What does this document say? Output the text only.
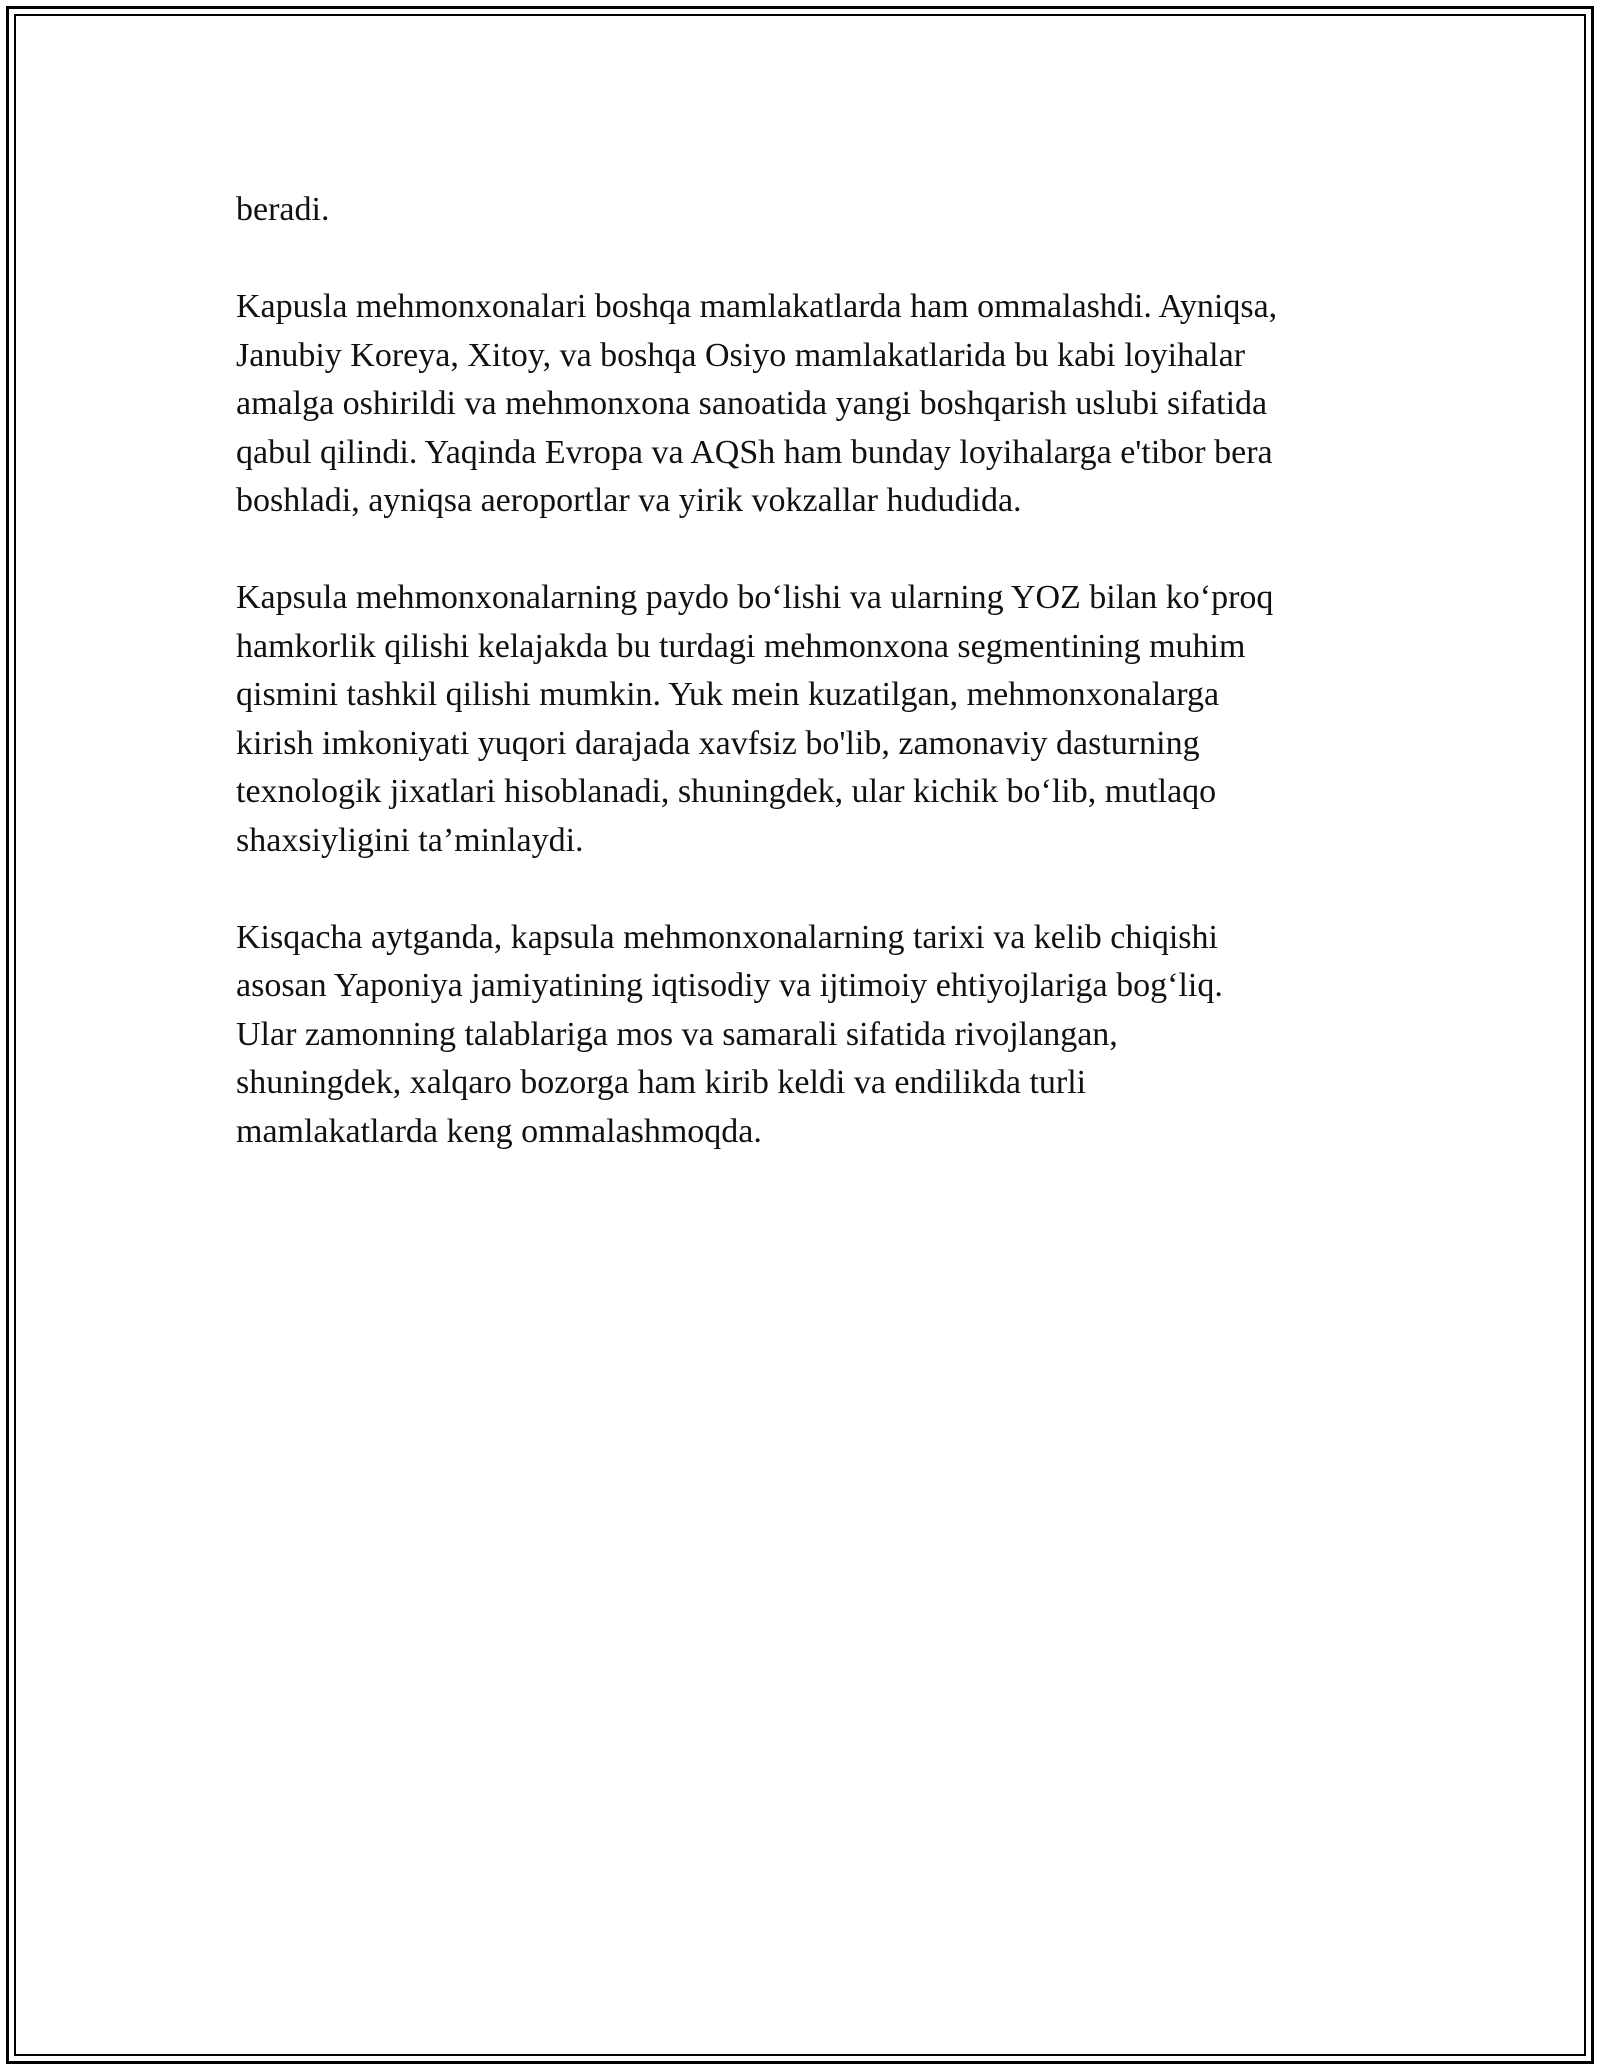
beradi.

Kapusla mehmonxonalari boshqa mamlakatlarda ham ommalashdi. Ayniqsa,
Janubiy Koreya, Xitoy, va boshqa Osiyo mamlakatlarida bu kabi loyihalar
amalga oshirildi va mehmonxona sanoatida yangi boshqarish uslubi sifatida
qabul qilindi. Yaqinda Evropa va AQSh ham bunday loyihalarga e'tibor bera
boshladi, ayniqsa aeroportlar va yirik vokzallar hududida.

Kapsula mehmonxonalarning paydo bo‘lishi va ularning YOZ bilan ko‘proq
hamkorlik qilishi kelajakda bu turdagi mehmonxona segmentining muhim
qismini tashkil qilishi mumkin. Yuk mein kuzatilgan, mehmonxonalarga
kirish imkoniyati yuqori darajada xavfsiz bo'lib, zamonaviy dasturning
texnologik jixatlari hisoblanadi, shuningdek, ular kichik bo‘lib, mutlaqo
shaxsiyligini ta’minlaydi.

Kisqacha aytganda, kapsula mehmonxonalarning tarixi va kelib chiqishi
asosan Yaponiya jamiyatining iqtisodiy va ijtimoiy ehtiyojlariga bog‘liq.
Ular zamonning talablariga mos va samarali sifatida rivojlangan,
shuningdek, xalqaro bozorga ham kirib keldi va endilikda turli
mamlakatlarda keng ommalashmoqda.
